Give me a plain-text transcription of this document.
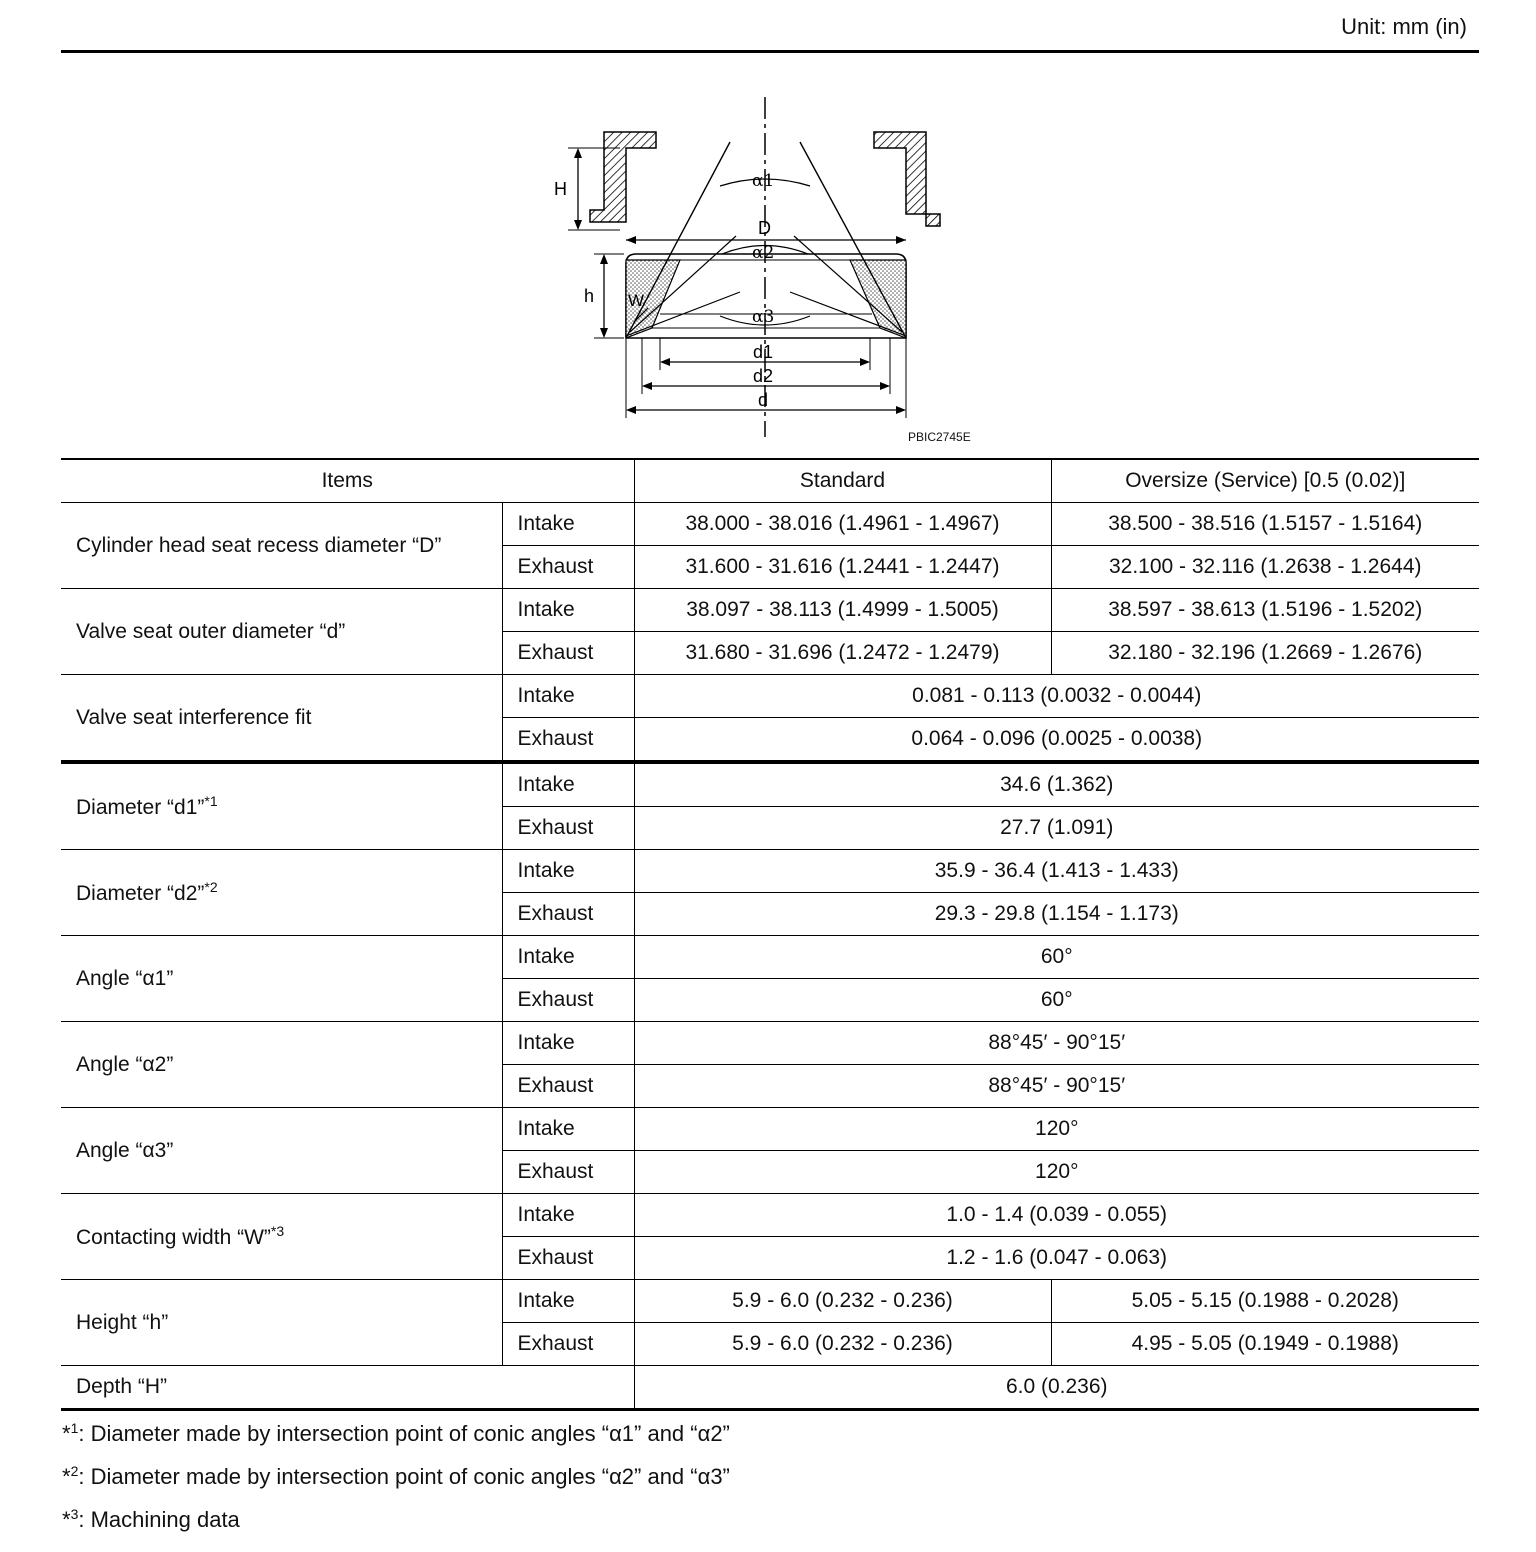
Unit: mm (in)
H	α1
α2
α3
D
h W
d1
d2
d
PBIC2745E
Items		Standard	Oversize (Service) [0.5 (0.02)]
Cylinder head seat recess diameter “D”	Intake	38.000 - 38.016 (1.4961 - 1.4967)	38.500 - 38.516 (1.5157 - 1.5164)
	Exhaust	31.600 - 31.616 (1.2441 - 1.2447)	32.100 - 32.116 (1.2638 - 1.2644)
Valve seat outer diameter “d”	Intake	38.097 - 38.113 (1.4999 - 1.5005)	38.597 - 38.613 (1.5196 - 1.5202)
	Exhaust	31.680 - 31.696 (1.2472 - 1.2479)	32.180 - 32.196 (1.2669 - 1.2676)
Valve seat interference fit	Intake	0.081 - 0.113 (0.0032 - 0.0044)	
	Exhaust	0.064 - 0.096 (0.0025 - 0.0038)	
Diameter “d1”$^{*1}$	Intake	34.6 (1.362)	
	Exhaust	27.7 (1.091)	
Diameter “d2”$^{*2}$	Intake	35.9 - 36.4 (1.413 - 1.433)	
	Exhaust	29.3 - 29.8 (1.154 - 1.173)	
Angle “α1”	Intake	60°	
	Exhaust	60°	
Angle “α2”	Intake	88°45′ - 90°15′	
	Exhaust	88°45′ - 90°15′	
Angle “α3”	Intake	120°	
	Exhaust	120°	
Contacting width “W”$^{*3}$	Intake	1.0 - 1.4 (0.039 - 0.055)	
	Exhaust	1.2 - 1.6 (0.047 - 0.063)	
Height “h”	Intake	5.9 - 6.0 (0.232 - 0.236)	5.05 - 5.15 (0.1988 - 0.2028)
	Exhaust	5.9 - 6.0 (0.232 - 0.236)	4.95 - 5.05 (0.1949 - 0.1988)
Depth “H”		6.0 (0.236)	
*$^1$: Diameter made by intersection point of conic angles “α1” and “α2”
*$^2$: Diameter made by intersection point of conic angles “α2” and “α3”
*$^3$: Machining data
